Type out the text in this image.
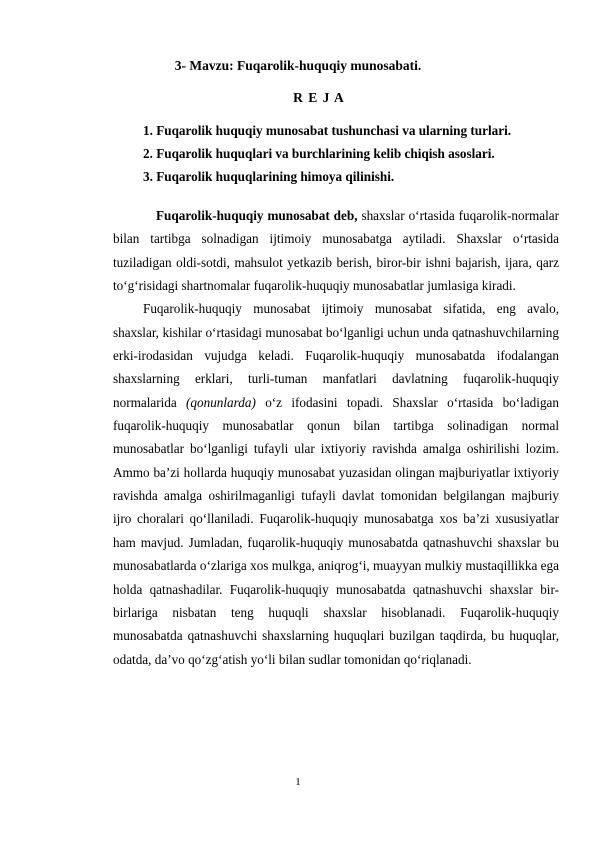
3- Mavzu: Fuqarolik-huquqiy munosabati.
R E J A
1. Fuqarolik huquqiy munosabat tushunchasi va ularning turlari.
2. Fuqarolik huquqlari va burchlarining kelib chiqish asoslari.
3. Fuqarolik huquqlarining himoya qilinishi.

Fuqarolik-huquqiy munosabat deb, shaxslar o‘rtasida fuqarolik-normalar bilan tartibga solnadigan ijtimoiy munosabatga aytiladi. Shaxslar o‘rtasida tuziladigan oldi-sotdi, mahsulot yetkazib berish, biror-bir ishni bajarish, ijara, qarz to‘g‘risidagi shartnomalar fuqarolik-huquqiy munosabatlar jumlasiga kiradi.

Fuqarolik-huquqiy munosabat ijtimoiy munosabat sifatida, eng avalo, shaxslar, kishilar o‘rtasidagi munosabat bo‘lganligi uchun unda qatnashuvchilarning erki-irodasidan vujudga keladi. Fuqarolik-huquqiy munosabatda ifodalangan shaxslarning erklari, turli-tuman manfatlari davlatning fuqarolik-huquqiy normalarida (qonunlarda) o‘z ifodasini topadi. Shaxslar o‘rtasida bo‘ladigan fuqarolik-huquqiy munosabatlar qonun bilan tartibga solinadigan normal munosabatlar bo‘lganligi tufayli ular ixtiyoriy ravishda amalga oshirilishi lozim. Ammo ba’zi hollarda huquqiy munosabat yuzasidan olingan majburiyatlar ixtiyoriy ravishda amalga oshirilmaganligi tufayli davlat tomonidan belgilangan majburiy ijro choralari qo‘llaniladi. Fuqarolik-huquqiy munosabatga xos ba’zi xususiyatlar ham mavjud. Jumladan, fuqarolik-huquqiy munosabatda qatnashuvchi shaxslar bu munosabatlarda o‘zlariga xos mulkga, aniqrog‘i, muayyan mulkiy mustaqillikka ega holda qatnashadilar. Fuqarolik-huquqiy munosabatda qatnashuvchi shaxslar bir-birlariga nisbatan teng huquqli shaxslar hisoblanadi. Fuqarolik-huquqiy munosabatda qatnashuvchi shaxslarning huquqlari buzilgan taqdirda, bu huquqlar, odatda, da’vo qo‘zg‘atish yo‘li bilan sudlar tomonidan qo‘riqlanadi.

1
